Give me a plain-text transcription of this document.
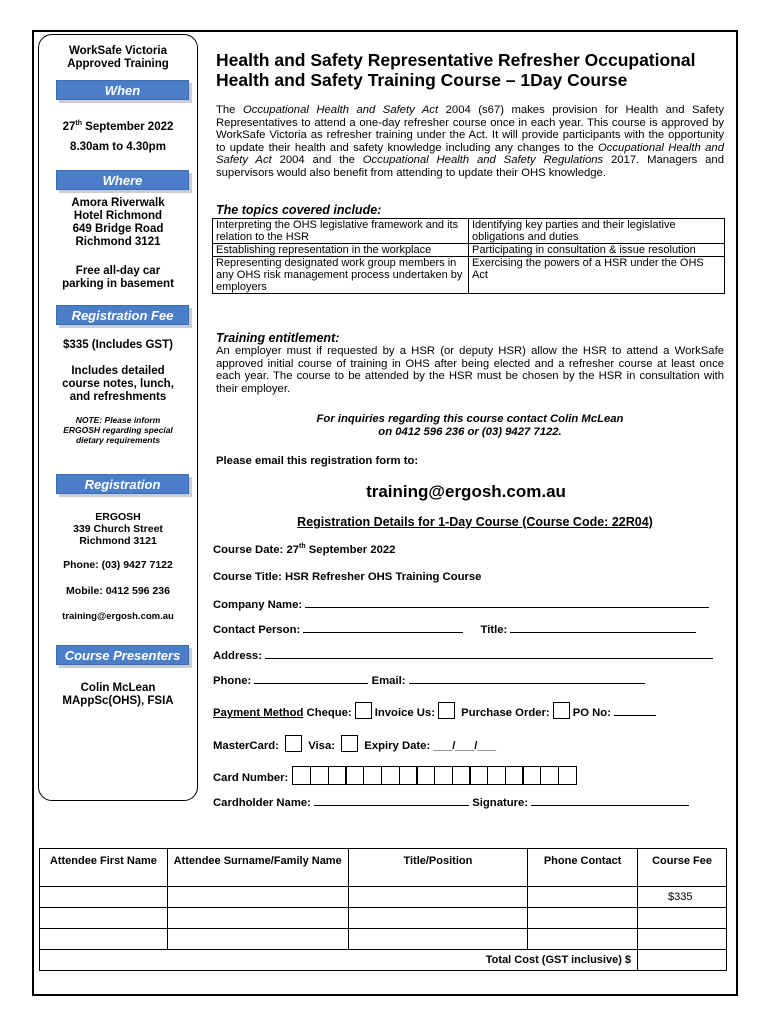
WorkSafe Victoria
Approved Training
When
27th September 2022
8.30am to 4.30pm
Where
Amora Riverwalk
Hotel Richmond
649 Bridge Road
Richmond 3121
Free all-day car
parking in basement
Registration Fee
$335 (Includes GST)
Includes detailed
course notes, lunch,
and refreshments
NOTE: Please inform
ERGOSH regarding special
dietary requirements
Registration
ERGOSH
339 Church Street
Richmond 3121
Phone: (03) 9427 7122
Mobile: 0412 596 236
training@ergosh.com.au
Course Presenters
Colin McLean
MAppSc(OHS), FSIA
Health and Safety Representative Refresher Occupational
Health and Safety Training Course – 1Day Course
The Occupational Health and Safety Act 2004 (s67) makes provision for Health and Safety Representatives to attend a one-day refresher course once in each year. This course is approved by WorkSafe Victoria as refresher training under the Act. It will provide participants with the opportunity to update their health and safety knowledge including any changes to the Occupational Health and Safety Act 2004 and the Occupational Health and Safety Regulations 2017. Managers and supervisors would also benefit from attending to update their OHS knowledge.
The topics covered include:
Interpreting the OHS legislative framework and its relation to the HSR	Identifying key parties and their legislative obligations and duties
Establishing representation in the workplace	Participating in consultation & issue resolution
Representing designated work group members in any OHS risk management process undertaken by employers	Exercising the powers of a HSR under the OHS Act
Training entitlement:
An employer must if requested by a HSR (or deputy HSR) allow the HSR to attend a WorkSafe approved initial course of training in OHS after being elected and a refresher course at least once each year. The course to be attended by the HSR must be chosen by the HSR in consultation with their employer.
For inquiries regarding this course contact Colin McLean
on 0412 596 236 or (03) 9427 7122.
Please email this registration form to:
training@ergosh.com.au
Registration Details for 1-Day Course (Course Code: 22R04)
Course Date: 27th September 2022
Course Title: HSR Refresher OHS Training Course
Company Name:
Contact Person:	Title:
Address:
Phone:	Email:
Payment Method Cheque: Invoice Us: Purchase Order: PO No:
MasterCard:	Visa:	Expiry Date: ___/___/___
Card Number:
Cardholder Name:	Signature:
Attendee First Name	Attendee Surname/Family Name	Title/Position	Phone Contact	Course Fee
				$335

Total Cost (GST inclusive) $				
